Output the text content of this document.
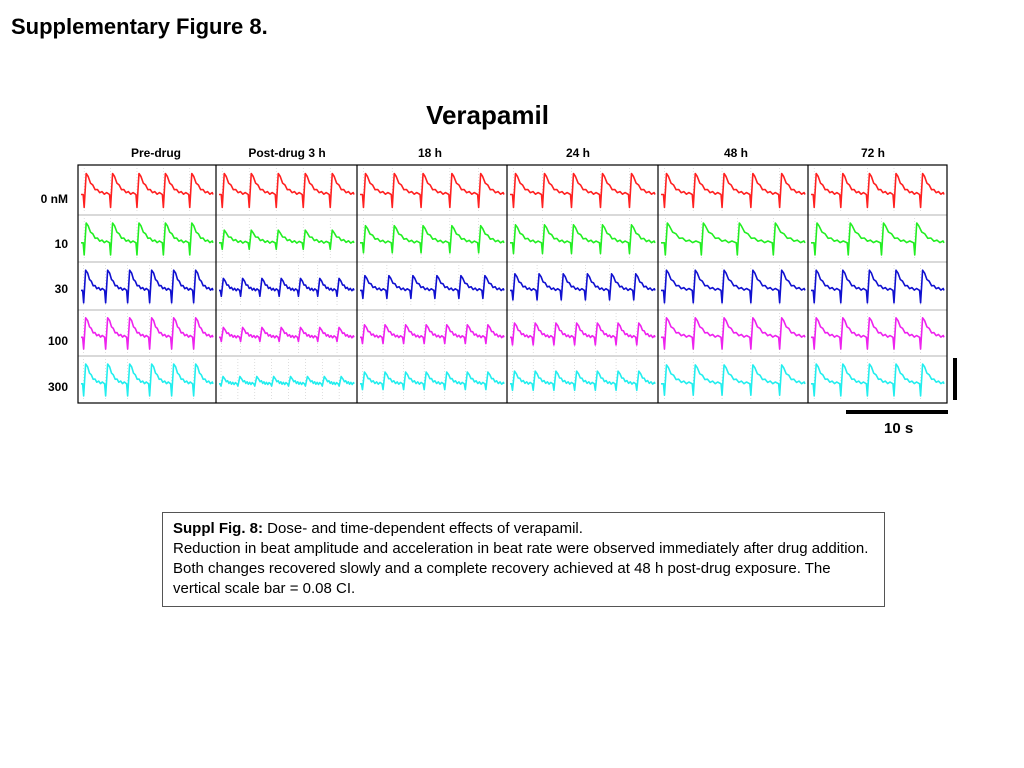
Supplementary Figure 8.
Verapamil
Pre-drug	Post-drug 3 h	18 h	24 h	48 h	72 h
0 nM
10
30
100
300
10 s
Suppl Fig. 8: Dose- and time-dependent effects of verapamil.
Reduction in beat amplitude and acceleration in beat rate were observed immediately after drug addition. Both changes recovered slowly and a complete recovery achieved at 48 h post-drug exposure. The vertical scale bar = 0.08 CI.
